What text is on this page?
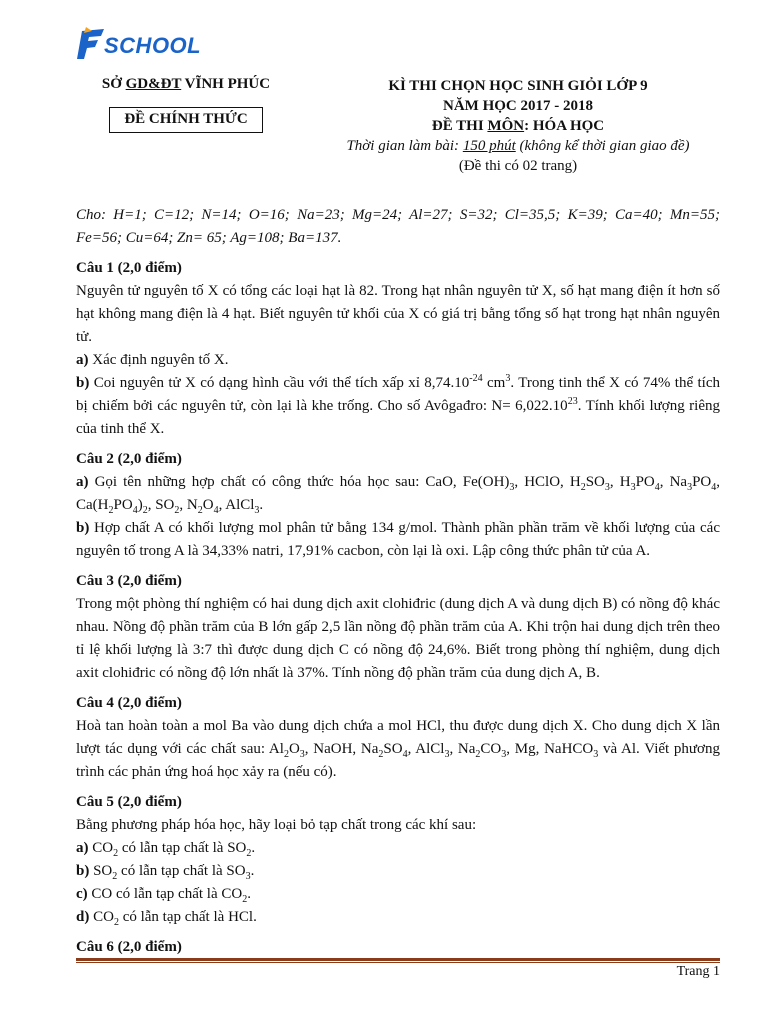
SCHOOL
SỞ GD&ĐT VĨNH PHÚC
ĐỀ CHÍNH THỨC
KÌ THI CHỌN HỌC SINH GIỎI LỚP 9
NĂM HỌC 2017 - 2018
ĐỀ THI MÔN: HÓA HỌC
Thời gian làm bài: 150 phút (không kể thời gian giao đề)
(Đề thi có 02 trang)

Cho: H=1; C=12; N=14; O=16; Na=23; Mg=24; Al=27; S=32; Cl=35,5; K=39; Ca=40; Mn=55; Fe=56; Cu=64; Zn= 65; Ag=108; Ba=137.

Câu 1 (2,0 điểm)

Nguyên tử nguyên tố X có tổng các loại hạt là 82. Trong hạt nhân nguyên tử X, số hạt mang điện ít hơn số hạt không mang điện là 4 hạt. Biết nguyên tử khối của X có giá trị bằng tổng số hạt trong hạt nhân nguyên tử.

a) Xác định nguyên tố X.

b) Coi nguyên tử X có dạng hình cầu với thể tích xấp xỉ $8,74.10^{-24}$ $cm^3$. Trong tinh thể X có 74% thể tích bị chiếm bởi các nguyên tử, còn lại là khe trống. Cho số Avôgađro: $N= 6,022.10^{23}$. Tính khối lượng riêng của tinh thể X.

Câu 2 (2,0 điểm)

a) Gọi tên những hợp chất có công thức hóa học sau: CaO, $Fe(OH)_3$, HClO, $H_2SO_3$, $H_3PO_4$, $Na_3PO_4$, $Ca(H_2PO_4)_2$, $SO_2$, $N_2O_4$, AlCl$_3$.

b) Hợp chất A có khối lượng mol phân tử bằng 134 g/mol. Thành phần phần trăm về khối lượng của các nguyên tố trong A là 34,33% natri, 17,91% cacbon, còn lại là oxi. Lập công thức phân tử của A.

Câu 3 (2,0 điểm)

Trong một phòng thí nghiệm có hai dung dịch axit clohiđric (dung dịch A và dung dịch B) có nồng độ khác nhau. Nồng độ phần trăm của B lớn gấp 2,5 lần nồng độ phần trăm của A. Khi trộn hai dung dịch trên theo tỉ lệ khối lượng là 3:7 thì được dung dịch C có nồng độ 24,6%. Biết trong phòng thí nghiệm, dung dịch axit clohiđric có nồng độ lớn nhất là 37%. Tính nồng độ phần trăm của dung dịch A, B.

Câu 4 (2,0 điểm)

Hoà tan hoàn toàn a mol Ba vào dung dịch chứa a mol HCl, thu được dung dịch X. Cho dung dịch X lần lượt tác dụng với các chất sau: $Al_2O_3$, NaOH, $Na_2SO_4$, AlCl$_3$, $Na_2CO_3$, Mg, NaHCO$_3$ và Al. Viết phương trình các phản ứng hoá học xảy ra (nếu có).

Câu 5 (2,0 điểm)

Bằng phương pháp hóa học, hãy loại bỏ tạp chất trong các khí sau:

a) $CO_2$ có lẫn tạp chất là $SO_2$.

b) $SO_2$ có lẫn tạp chất là $SO_3$.

c) CO có lẫn tạp chất là $CO_2$.

d) $CO_2$ có lẫn tạp chất là HCl.

Câu 6 (2,0 điểm)

Trang 1
